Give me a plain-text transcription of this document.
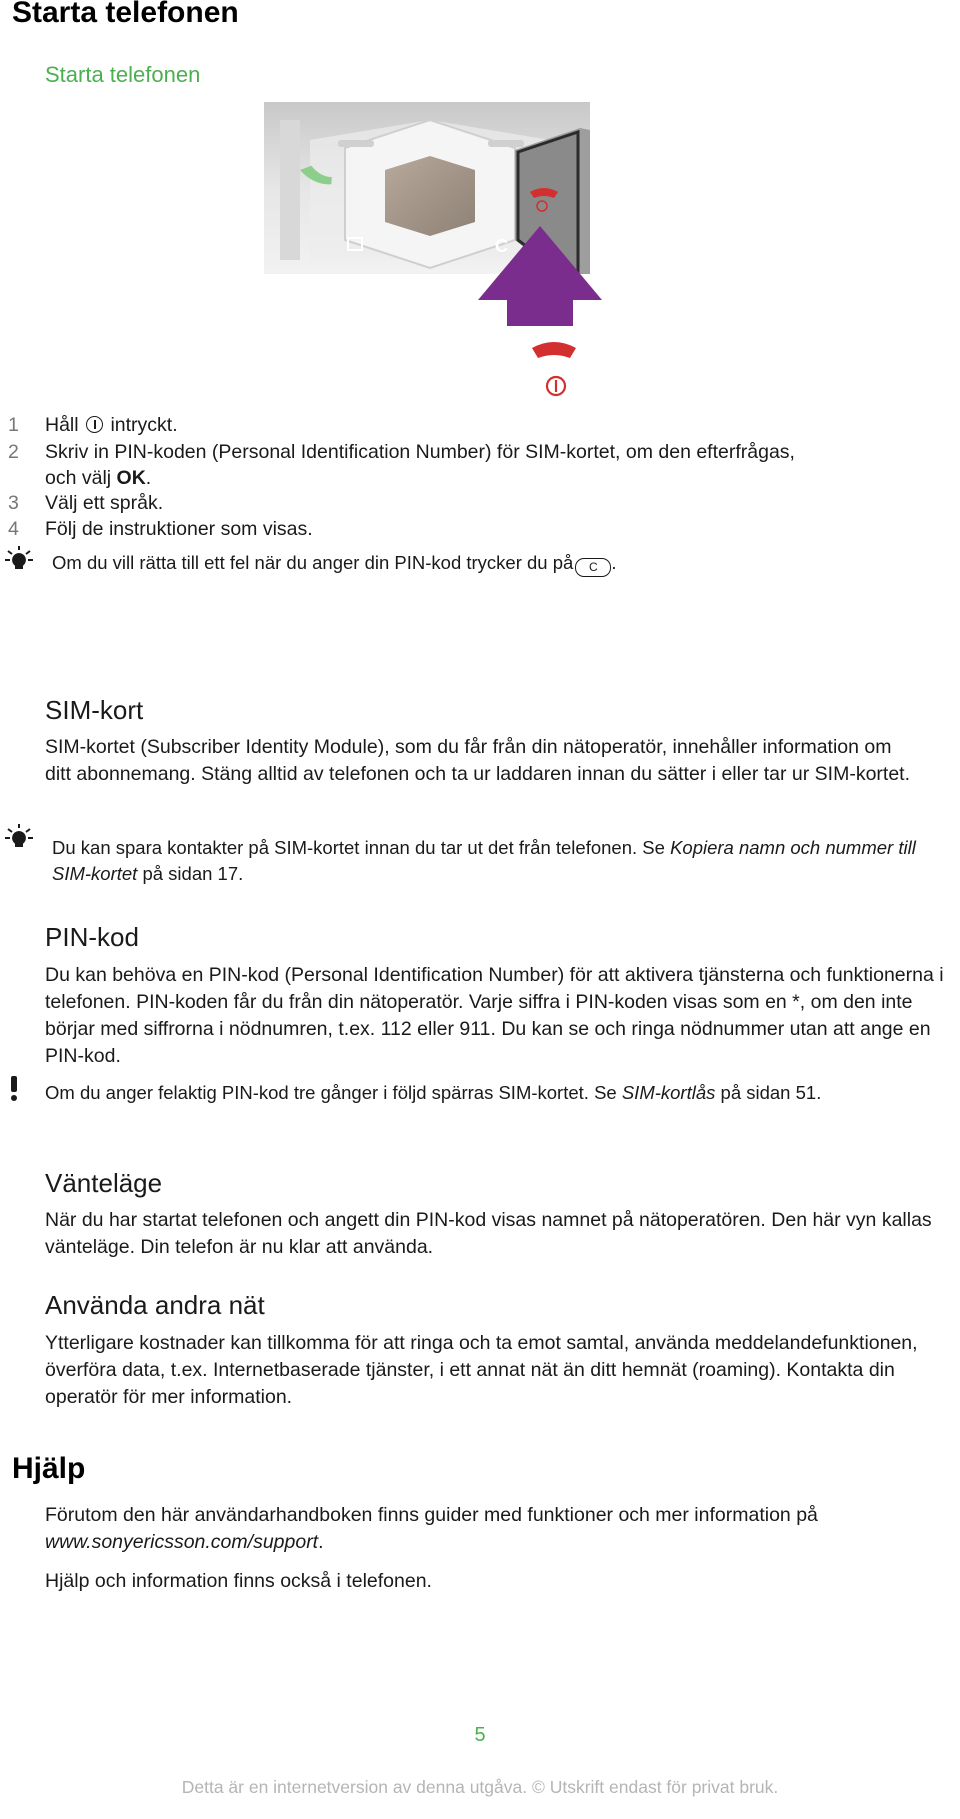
Starta telefonen
Starta telefonen
C
1	Håll intryckt.
2	Skriv in PIN-koden (Personal Identification Number) för SIM-kortet, om den efterfrågas, och välj OK.
3	Välj ett språk.
4	Följ de instruktioner som visas.
Om du vill rätta till ett fel när du anger din PIN-kod trycker du på C .
SIM-kort
SIM-kortet (Subscriber Identity Module), som du får från din nätoperatör, innehåller information om ditt abonnemang. Stäng alltid av telefonen och ta ur laddaren innan du sätter i eller tar ur SIM-kortet.
Du kan spara kontakter på SIM-kortet innan du tar ut det från telefonen. Se Kopiera namn och nummer till SIM-kortet på sidan 17.
PIN-kod
Du kan behöva en PIN-kod (Personal Identification Number) för att aktivera tjänsterna och funktionerna i telefonen. PIN-koden får du från din nätoperatör. Varje siffra i PIN-koden visas som en *, om den inte börjar med siffrorna i nödnumren, t.ex. 112 eller 911. Du kan se och ringa nödnummer utan att ange en PIN-kod.
Om du anger felaktig PIN-kod tre gånger i följd spärras SIM-kortet. Se SIM-kortlås på sidan 51.
Vänteläge
När du har startat telefonen och angett din PIN-kod visas namnet på nätoperatören. Den här vyn kallas vänteläge. Din telefon är nu klar att använda.
Använda andra nät
Ytterligare kostnader kan tillkomma för att ringa och ta emot samtal, använda meddelandefunktionen, överföra data, t.ex. Internetbaserade tjänster, i ett annat nät än ditt hemnät (roaming). Kontakta din operatör för mer information.
Hjälp
Förutom den här användarhandboken finns guider med funktioner och mer information på www.sonyericsson.com/support.
Hjälp och information finns också i telefonen.
5
Detta är en internetversion av denna utgåva. © Utskrift endast för privat bruk.
